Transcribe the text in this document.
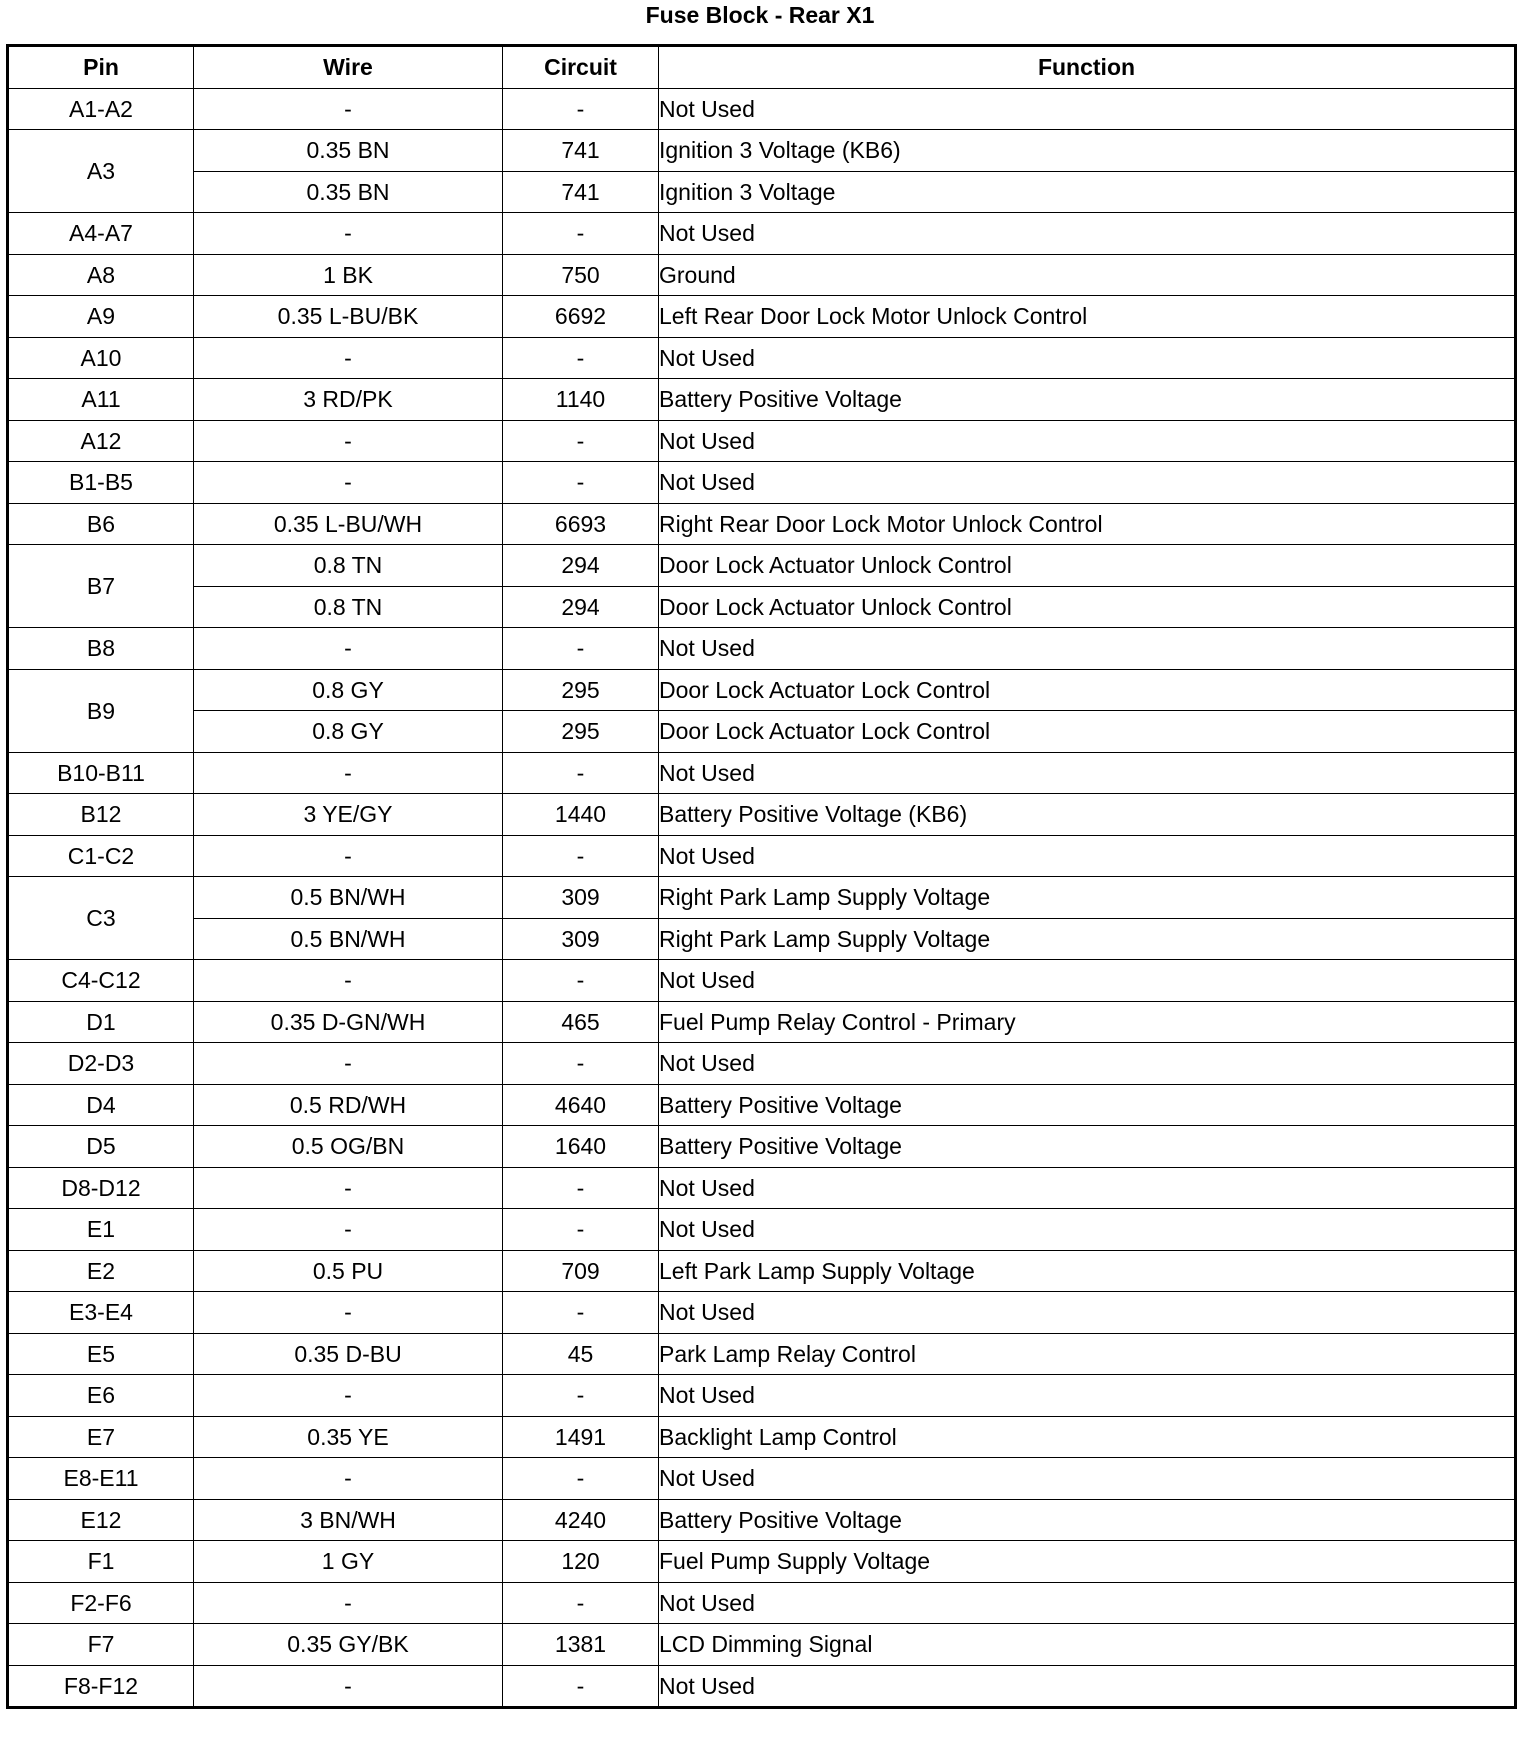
Fuse Block - Rear X1
Pin	Wire	Circuit	Function
A1-A2	-	-	Not Used
A3	0.35 BN	741	Ignition 3 Voltage (KB6)
	0.35 BN	741	Ignition 3 Voltage
A4-A7	-	-	Not Used
A8	1 BK	750	Ground
A9	0.35 L-BU/BK	6692	Left Rear Door Lock Motor Unlock Control
A10	-	-	Not Used
A11	3 RD/PK	1140	Battery Positive Voltage
A12	-	-	Not Used
B1-B5	-	-	Not Used
B6	0.35 L-BU/WH	6693	Right Rear Door Lock Motor Unlock Control
B7	0.8 TN	294	Door Lock Actuator Unlock Control
	0.8 TN	294	Door Lock Actuator Unlock Control
B8	-	-	Not Used
B9	0.8 GY	295	Door Lock Actuator Lock Control
	0.8 GY	295	Door Lock Actuator Lock Control
B10-B11	-	-	Not Used
B12	3 YE/GY	1440	Battery Positive Voltage (KB6)
C1-C2	-	-	Not Used
C3	0.5 BN/WH	309	Right Park Lamp Supply Voltage
	0.5 BN/WH	309	Right Park Lamp Supply Voltage
C4-C12	-	-	Not Used
D1	0.35 D-GN/WH	465	Fuel Pump Relay Control - Primary
D2-D3	-	-	Not Used
D4	0.5 RD/WH	4640	Battery Positive Voltage
D5	0.5 OG/BN	1640	Battery Positive Voltage
D8-D12	-	-	Not Used
E1	-	-	Not Used
E2	0.5 PU	709	Left Park Lamp Supply Voltage
E3-E4	-	-	Not Used
E5	0.35 D-BU	45	Park Lamp Relay Control
E6	-	-	Not Used
E7	0.35 YE	1491	Backlight Lamp Control
E8-E11	-	-	Not Used
E12	3 BN/WH	4240	Battery Positive Voltage
F1	1 GY	120	Fuel Pump Supply Voltage
F2-F6	-	-	Not Used
F7	0.35 GY/BK	1381	LCD Dimming Signal
F8-F12	-	-	Not Used
